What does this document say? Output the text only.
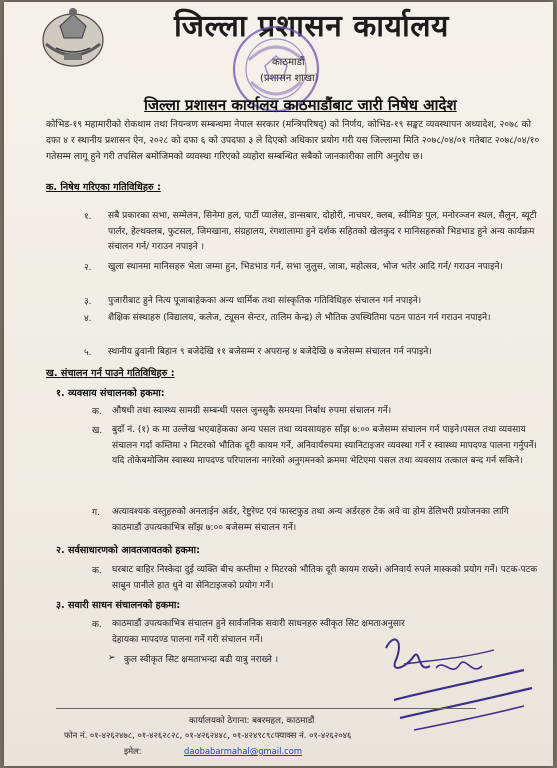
जिल्ला प्रशासन कार्यालय
काठमाडौं
(प्रशासन शाखा)
जिल्ला प्रशासन कार्यालय काठमाडौंबाट जारी निषेध आदेश
कोभिड-१९ महामारीको रोकथाम तथा नियन्त्रण सम्बन्धमा नेपाल सरकार (मन्त्रिपरिषद्) को निर्णय, कोभिड-१९ सङ्कट व्यवस्थापन अध्यादेश, २०७८ को दफा ४ र स्थानीय प्रशासन ऐन, २०२८ को दफा ६ को उपदफा ३ ले दिएको अधिकार प्रयोग गरी यस जिल्लामा मिति २०७८/०४/०१ गतेबाट २०७८/०४/१० गतेसम्म लागू हुने गरी तपसिल बमोजिमको व्यवस्था गरिएको व्यहोरा सम्बन्धित सबैको जानकारीका लागि अनुरोध छ।
क. निषेध गरिएका गतिविधिहरु :
१. सबै प्रकारका सभा, सम्मेलन, सिनेमा हल, पार्टी प्यालेस, डान्सबार, दोहोरी, नाचघर, क्लब, स्वीमिङ पुल, मनोरञ्जन स्थल, सैलुन, ब्यूटी पार्लर, हेल्थक्लब, फुटसल, जिमखाना, संग्रहालय, रंगशालामा हुने दर्शक सहितको खेलकुद र मानिसहरुको भिडभाड हुने अन्य कार्यक्रम संचालन गर्न/ गराउन नपाइने ।
२. खुला स्थानमा मानिसहरु भेला जम्मा हुन, भिडभाड गर्न, सभा जुलुस, जात्रा, महोत्सव, भोज भतेर आदि गर्न/ गराउन नपाइने।
३. पुजारीबाट हुने नित्य पूजाबाहेकका अन्य धार्मिक तथा सांस्कृतिक गतिविधिहरु संचालन गर्न नपाइने।
४. शैक्षिक संस्थाहरु (विद्यालय, कलेज, ट्यूसन सेन्टर, तालिम केन्द्र) ले भौतिक उपस्थितिमा पठन पाठन गर्न गराउन नपाइने।
५. स्थानीय ढुवानी बिहान ९ बजेदेखि ११ बजेसम्म र अपरान्ह ४ बजेदेखि ७ बजेसम्म संचालन गर्न नपाइने।
ख. संचालन गर्न पाउने गतिविधिहरु :
१. व्यवसाय संचालनको हकमा:
क. औषधी तथा स्वास्थ्य सामग्री सम्बन्धी पसल जुनसुकै समयमा निर्बाध रुपमा संचालन गर्ने।
ख. बुदाँ नं. (१) क मा उल्लेख भएबाहेकका अन्य पसल तथा व्यवसायहरु साँझ ७:०० बजेसम्म संचालन गर्न पाइने।पसल तथा व्यवसाय संचालन गर्दा कम्तिमा २ मिटरको भौतिक दूरी कायम गर्ने, अनिवार्यरुपमा स्यानिटाइजर व्यवस्था गर्ने र स्वास्थ्य मापदण्ड पालना गर्नुपर्ने। यदि तोकेबमोजिम स्वास्थ्य मापदण्ड परिपालना नगरेको अनुगमनको क्रममा भेटिएमा पसल तथा व्यवसाय तत्काल बन्द गर्न सकिने।
ग. अत्यावश्यक वस्तुहरुको अनलाईन अर्डर, रेष्टुरेण्ट एवं फास्टफुड तथा अन्य अर्डरहरु टेक अवे वा होम डेलिभरी प्रयोजनका लागि काठमाडौं उपत्यकाभित्र साँझ ७:०० बजेसम्म संचालन गर्ने।
२. सर्वसाधारणको आवतजावतको हकमा:
क. घरबाट बाहिर निस्केदा दुई व्यक्ति बीच कम्तीमा २ मिटरको भौतिक दूरी कायम राख्ने। अनिवार्य रुपले मास्कको प्रयोग गर्ने। पटक-पटक साबुन पानीले हात धुने वा सेनिटाइजको प्रयोग गर्ने।
३. सवारी साधन संचालनको हकमा:
क. काठमाडौं उपत्यकाभित्र संचालन हुने सार्वजनिक सवारी साधनहरु स्वीकृत सिट क्षमताअनुसार देहायका मापदण्ड पालना गर्ने गरी संचालन गर्ने।
➢ कुल स्वीकृत सिट क्षमताभन्दा बढी यात्रु नराख्ने ।
कार्यालयको ठेगाना: बबरमहल, काठमाडौं
फोन नं. ०१-४२६२४७८, ०१-४२६२८२८, ०१-४२६२४४८, ०१-४२४९८९८फ्याक्स नं. ०१-४२६२०४६
इमेल:	daobabarmahal@gmail.com
